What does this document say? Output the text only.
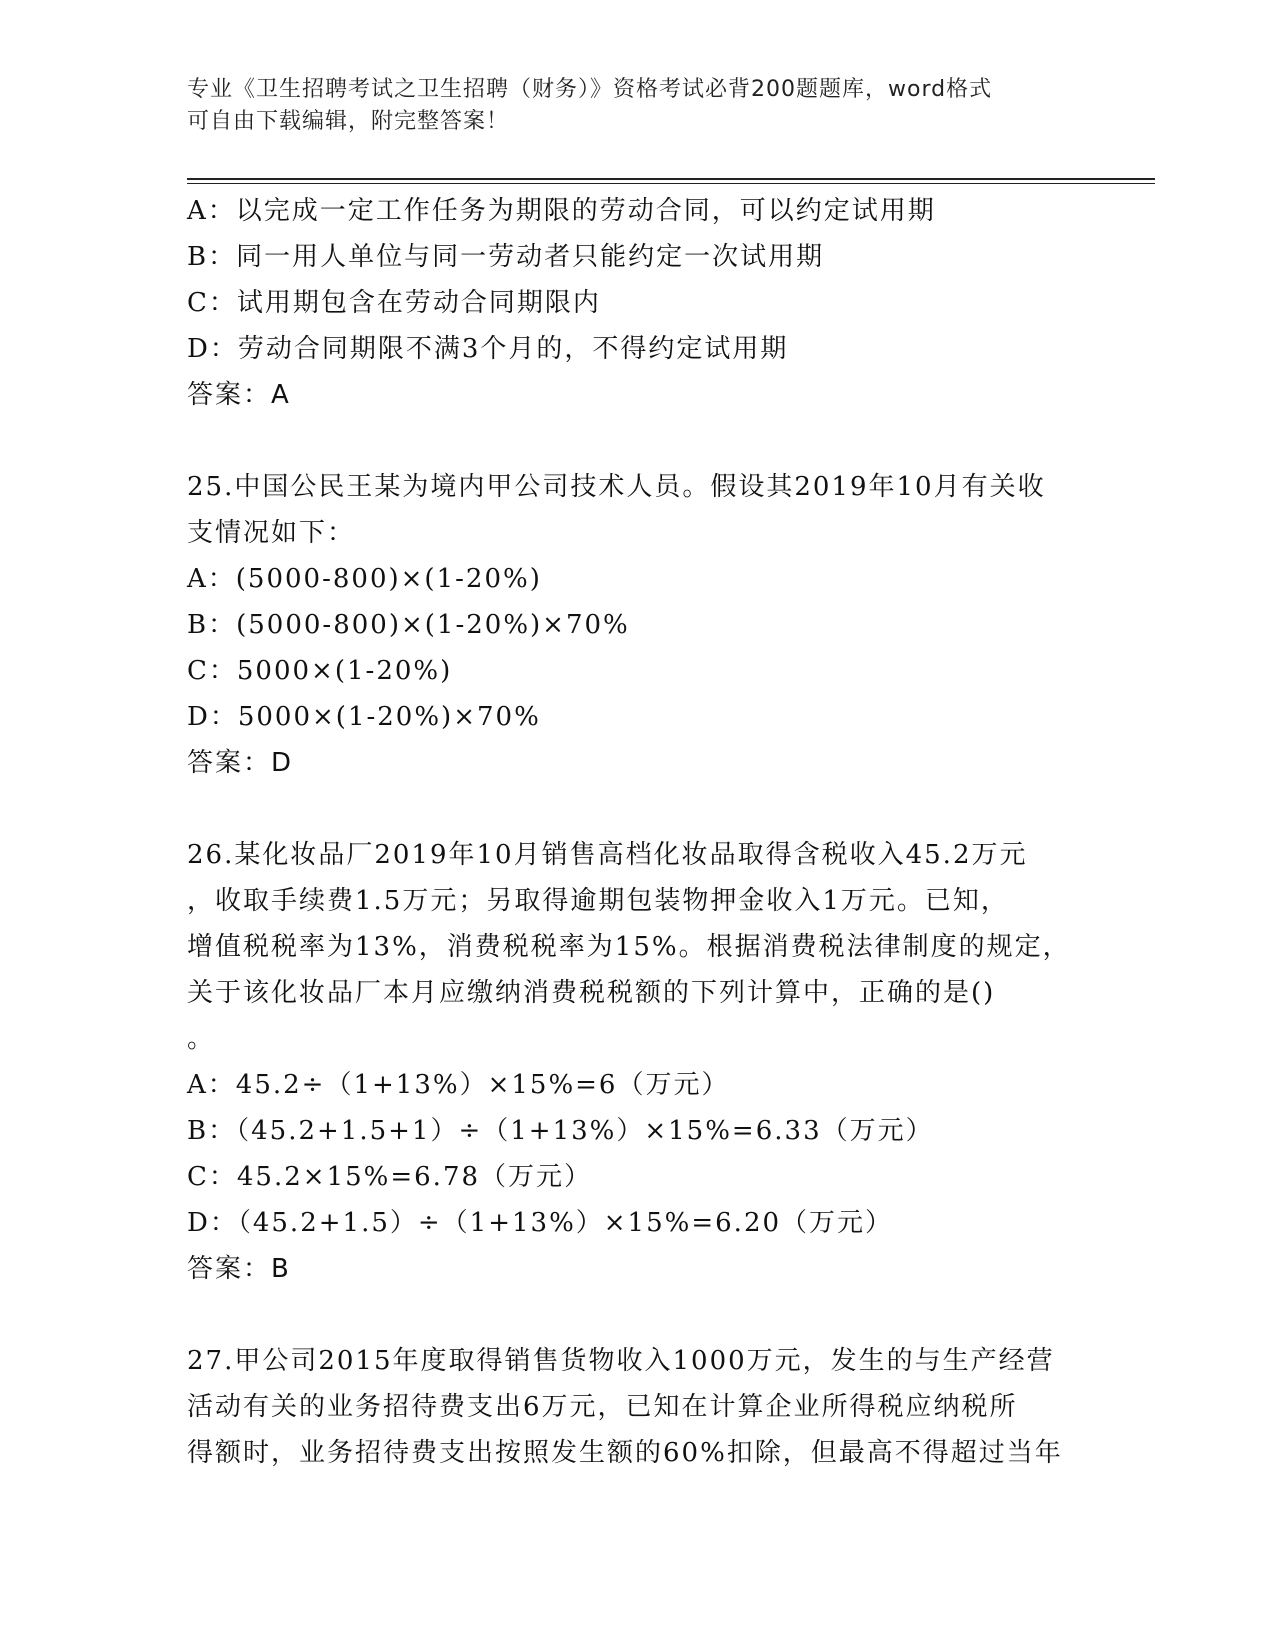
专业《卫生招聘考试之卫生招聘（财务）》资格考试必背200题题库，word格式
可自由下载编辑，附完整答案！
A：以完成一定工作任务为期限的劳动合同，可以约定试用期
B：同一用人单位与同一劳动者只能约定一次试用期
C：试用期包含在劳动合同期限内
D：劳动合同期限不满3个月的，不得约定试用期
答案：A
25.中国公民王某为境内甲公司技术人员。假设其2019年10月有关收
支情况如下：
A：(5000-800)×(1-20%)
B：(5000-800)×(1-20%)×70%
C：5000×(1-20%)
D：5000×(1-20%)×70%
答案：D
26.某化妆品厂2019年10月销售高档化妆品取得含税收入45.2万元
，收取手续费1.5万元；另取得逾期包装物押金收入1万元。已知，
增值税税率为13%，消费税税率为15%。根据消费税法律制度的规定，
关于该化妆品厂本月应缴纳消费税税额的下列计算中，正确的是()
。
A：45.2÷（1+13%）×15%=6（万元）
B：（45.2+1.5+1）÷（1+13%）×15%=6.33（万元）
C：45.2×15%=6.78（万元）
D：（45.2+1.5）÷（1+13%）×15%=6.20（万元）
答案：B
27.甲公司2015年度取得销售货物收入1000万元，发生的与生产经营
活动有关的业务招待费支出6万元，已知在计算企业所得税应纳税所
得额时，业务招待费支出按照发生额的60%扣除，但最高不得超过当年
